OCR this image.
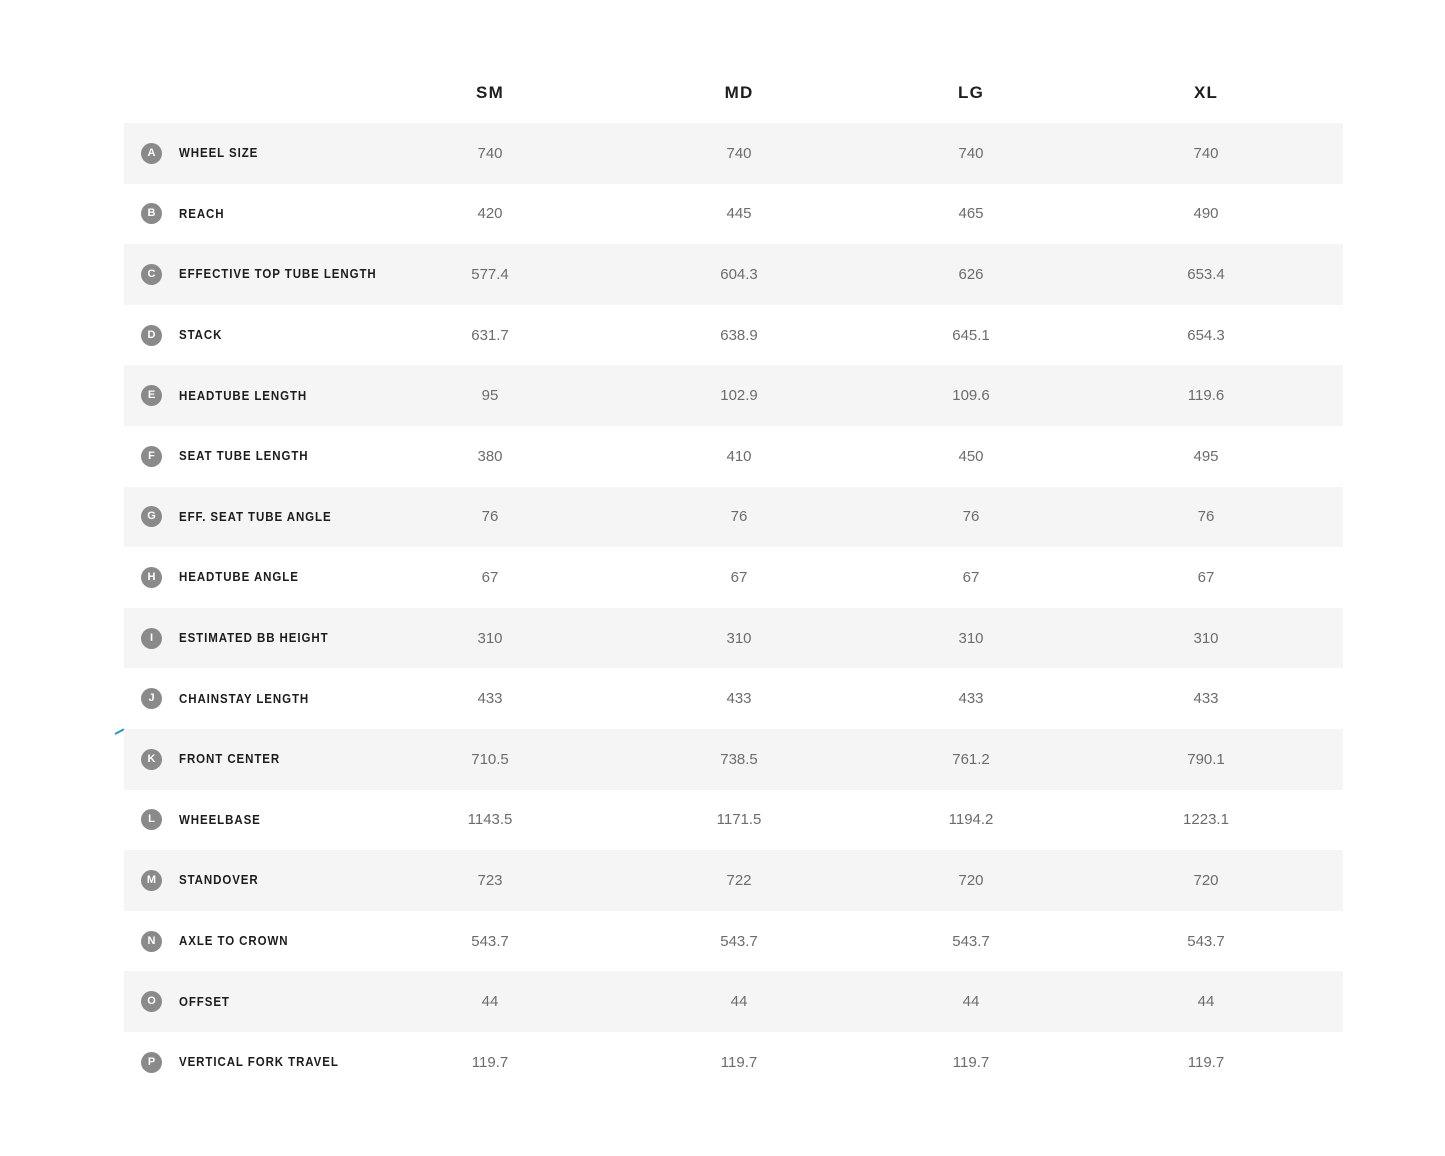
SM	MD	LG	XL
A	WHEEL SIZE	740	740	740	740
B	REACH	420	445	465	490
C	EFFECTIVE TOP TUBE LENGTH	577.4	604.3	626	653.4
D	STACK	631.7	638.9	645.1	654.3
E	HEADTUBE LENGTH	95	102.9	109.6	119.6
F	SEAT TUBE LENGTH	380	410	450	495
G	EFF. SEAT TUBE ANGLE	76	76	76	76
H	HEADTUBE ANGLE	67	67	67	67
I	ESTIMATED BB HEIGHT	310	310	310	310
J	CHAINSTAY LENGTH	433	433	433	433
K	FRONT CENTER	710.5	738.5	761.2	790.1
L	WHEELBASE	1143.5	1171.5	1194.2	1223.1
M	STANDOVER	723	722	720	720
N	AXLE TO CROWN	543.7	543.7	543.7	543.7
O	OFFSET	44	44	44	44
P	VERTICAL FORK TRAVEL	119.7	119.7	119.7	119.7
